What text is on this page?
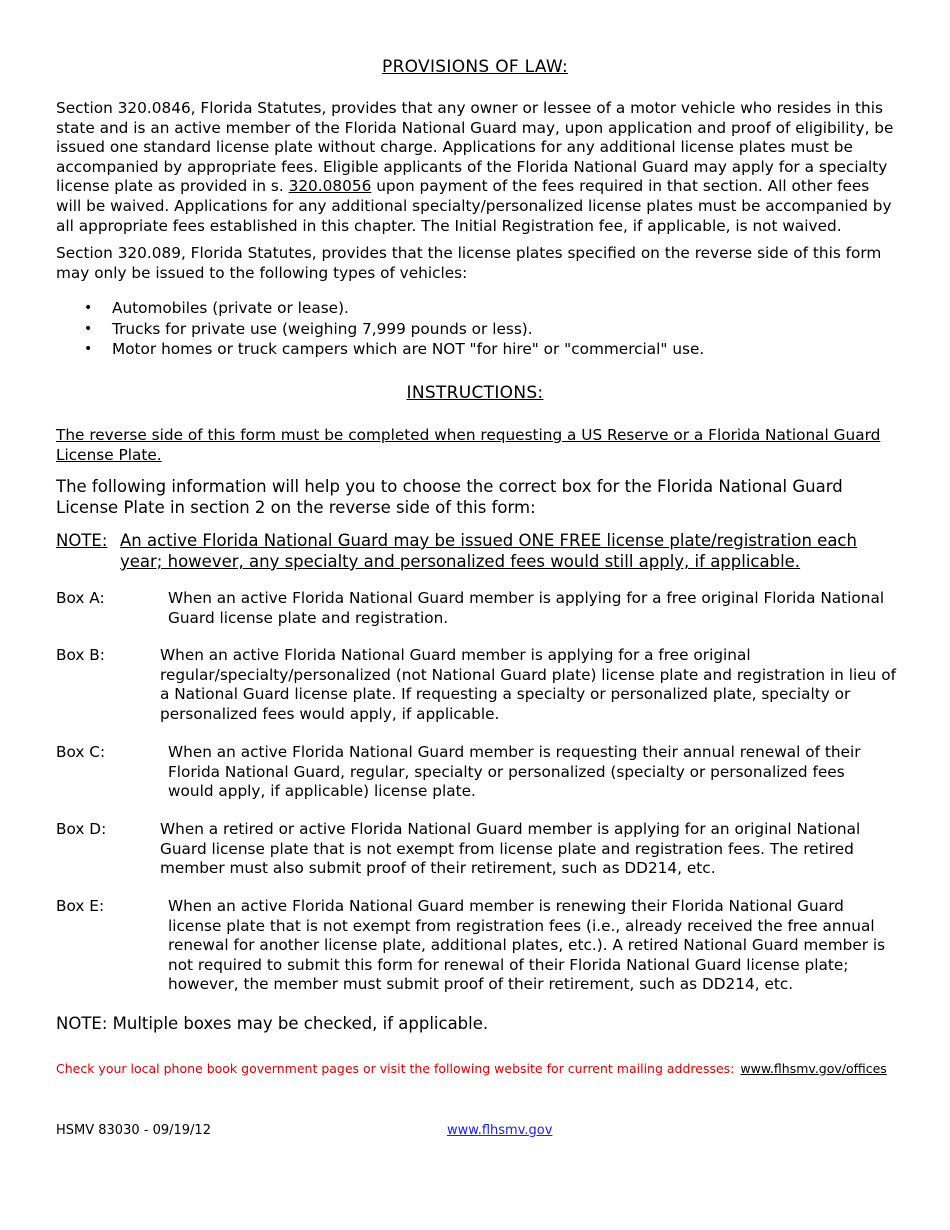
PROVISIONS OF LAW:

Section 320.0846, Florida Statutes, provides that any owner or lessee of a motor vehicle who resides in this state and is an active member of the Florida National Guard may, upon application and proof of eligibility, be issued one standard license plate without charge. Applications for any additional license plates must be accompanied by appropriate fees. Eligible applicants of the Florida National Guard may apply for a specialty license plate as provided in s. 320.08056 upon payment of the fees required in that section. All other fees will be waived. Applications for any additional specialty/personalized license plates must be accompanied by all appropriate fees established in this chapter. The Initial Registration fee, if applicable, is not waived.

Section 320.089, Florida Statutes, provides that the license plates specified on the reverse side of this form may only be issued to the following types of vehicles:

• Automobiles (private or lease).
• Trucks for private use (weighing 7,999 pounds or less).
• Motor homes or truck campers which are NOT "for hire" or "commercial" use.
INSTRUCTIONS:

The reverse side of this form must be completed when requesting a US Reserve or a Florida National Guard License Plate.

The following information will help you to choose the correct box for the Florida National Guard License Plate in section 2 on the reverse side of this form:

NOTE: An active Florida National Guard may be issued ONE FREE license plate/registration each year; however, any specialty and personalized fees would still apply, if applicable.
Box A:	When an active Florida National Guard member is applying for a free original Florida National Guard license plate and registration.
Box B:	When an active Florida National Guard member is applying for a free original regular/specialty/personalized (not National Guard plate) license plate and registration in lieu of a National Guard license plate. If requesting a specialty or personalized plate, specialty or personalized fees would apply, if applicable.
Box C:	When an active Florida National Guard member is requesting their annual renewal of their Florida National Guard, regular, specialty or personalized (specialty or personalized fees would apply, if applicable) license plate.
Box D:	When a retired or active Florida National Guard member is applying for an original National Guard license plate that is not exempt from license plate and registration fees. The retired member must also submit proof of their retirement, such as DD214, etc.
Box E:	When an active Florida National Guard member is renewing their Florida National Guard license plate that is not exempt from registration fees (i.e., already received the free annual renewal for another license plate, additional plates, etc.). A retired National Guard member is not required to submit this form for renewal of their Florida National Guard license plate; however, the member must submit proof of their retirement, such as DD214, etc.

NOTE: Multiple boxes may be checked, if applicable.

Check your local phone book government pages or visit the following website for current mailing addresses: www.flhsmv.gov/offices
HSMV 83030 - 09/19/12	www.flhsmv.gov
